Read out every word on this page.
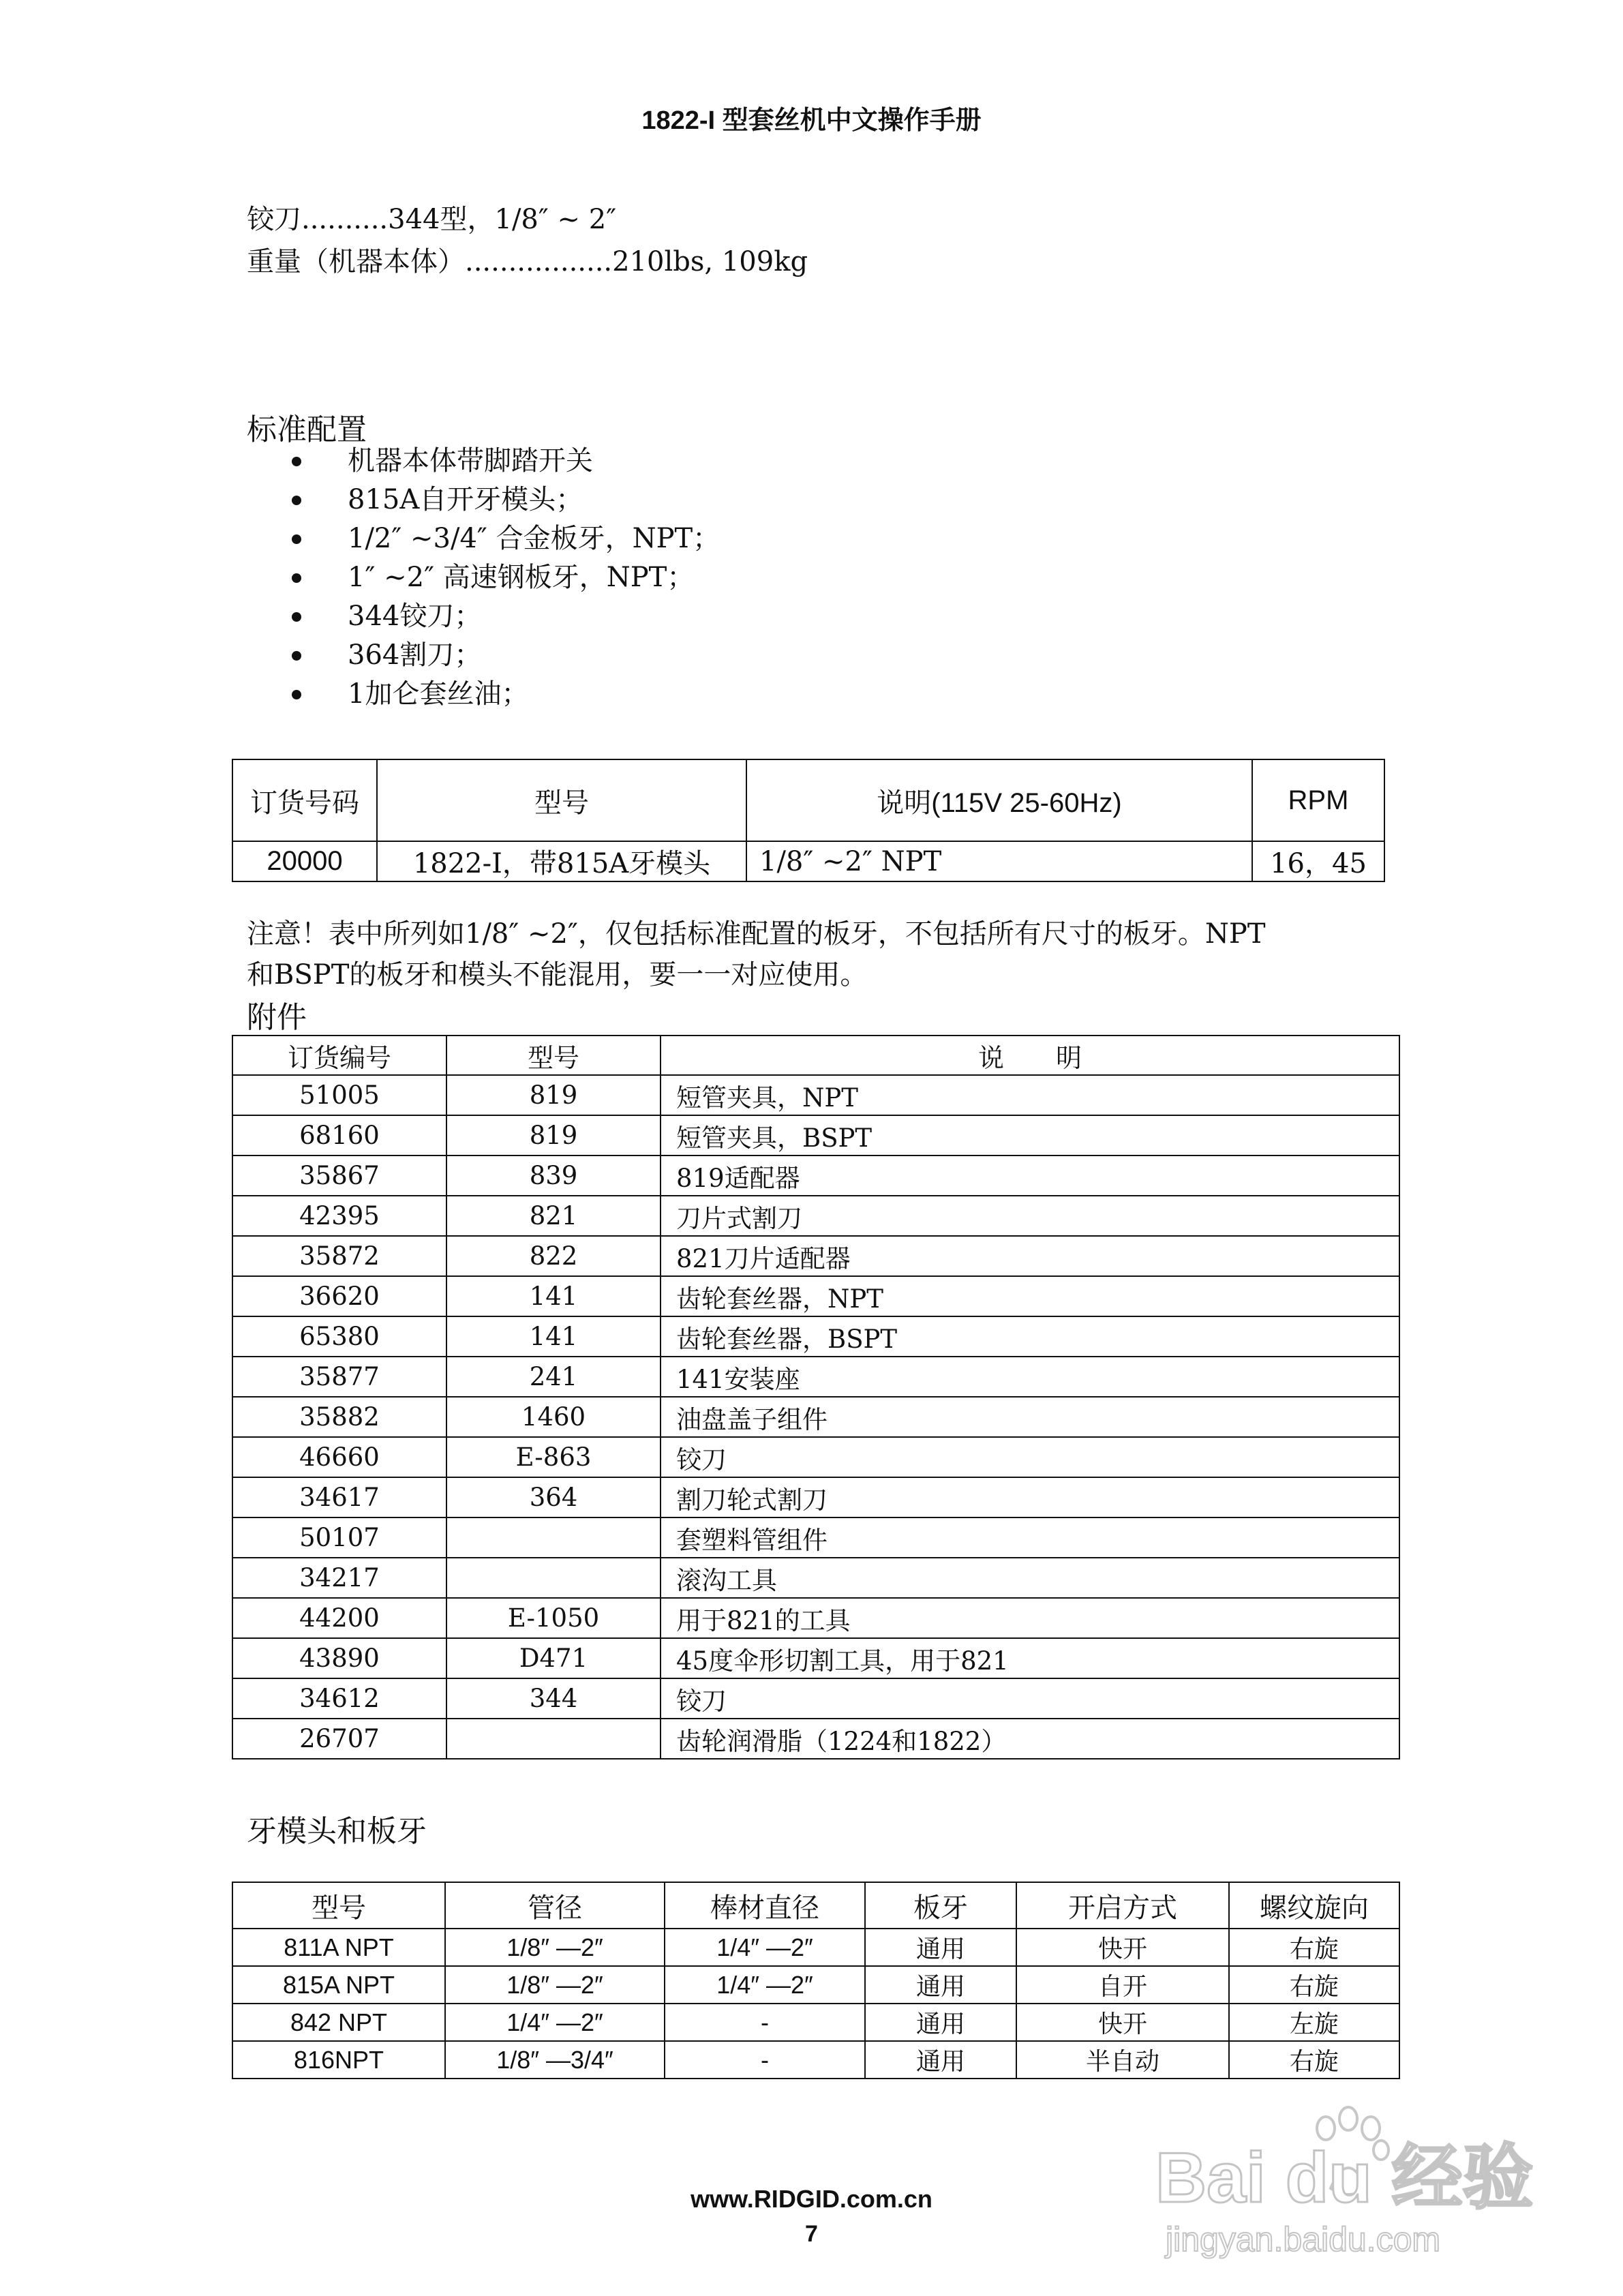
1822-I 型套丝机中文操作手册
铰刀..........344型，1/8″ ~ 2″
重量（机器本体）.................210lbs, 109kg
标准配置
机器本体带脚踏开关
815A自开牙模头；
1/2″ ~3/4″ 合金板牙，NPT；
1″ ~2″ 高速钢板牙，NPT；
344铰刀；
364割刀；
1加仑套丝油；
订货号码	型号	说明(115V 25-60Hz)	RPM
20000	1822-I，带815A牙模头	1/8″ ~2″ NPT	16，45
注意！表中所列如1/8″ ~2″，仅包括标准配置的板牙，不包括所有尺寸的板牙。NPT
和BSPT的板牙和模头不能混用，要一一对应使用。
附件
订货编号	型号	说　　明
51005	819	短管夹具，NPT
68160	819	短管夹具，BSPT
35867	839	819适配器
42395	821	刀片式割刀
35872	822	821刀片适配器
36620	141	齿轮套丝器，NPT
65380	141	齿轮套丝器，BSPT
35877	241	141安装座
35882	1460	油盘盖子组件
46660	E-863	铰刀
34617	364	割刀轮式割刀
50107		套塑料管组件
34217		滚沟工具
44200	E-1050	用于821的工具
43890	D471	45度伞形切割工具，用于821
34612	344	铰刀
26707		齿轮润滑脂（1224和1822）
牙模头和板牙
型号	管径	棒材直径	板牙	开启方式	螺纹旋向
811A NPT	1/8″ —2″	1/4″ —2″	通用	快开	右旋
815A NPT	1/8″ —2″	1/4″ —2″	通用	自开	右旋
842 NPT	1/4″ —2″	-	通用	快开	左旋
816NPT	1/8″ —3/4″	-	通用	半自动	右旋
Bai du 经验
jingyan.baidu.com
www.RIDGID.com.cn
7
